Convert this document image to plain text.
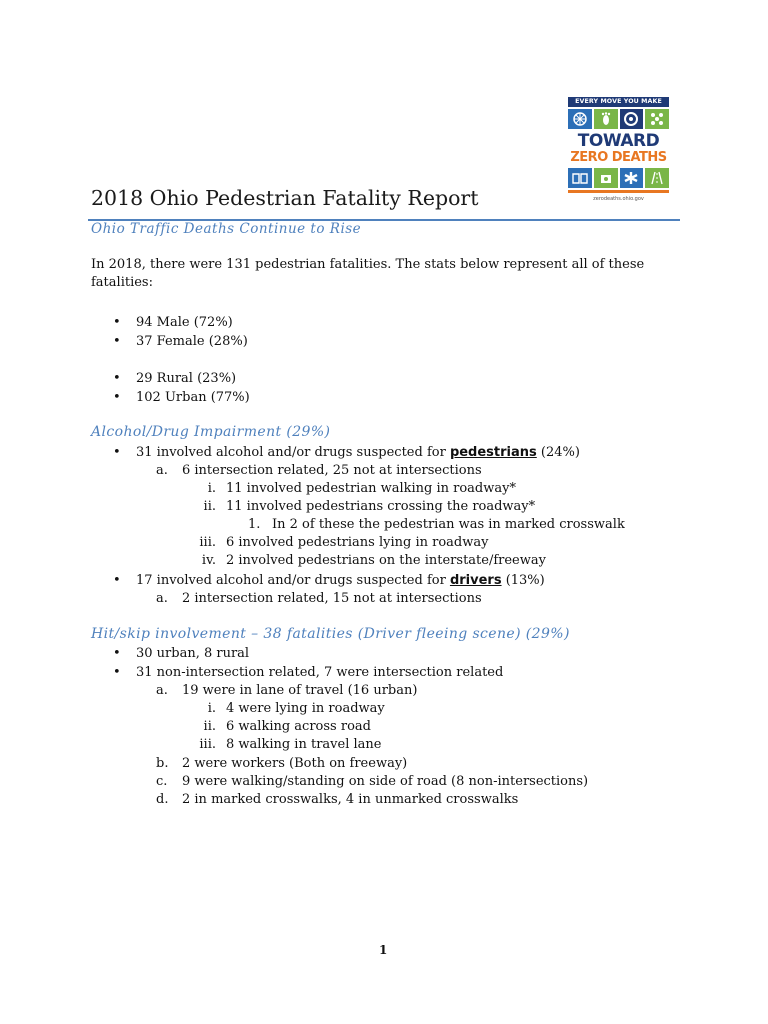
EVERY MOVE YOU MAKE
TOWARD
ZERO DEATHS
zerodeaths.ohio.gov
2018 Ohio Pedestrian Fatality Report
Ohio Traffic Deaths Continue to Rise
In 2018, there were 131 pedestrian fatalities. The stats below represent all of these fatalities:
• 94 Male (72%)
• 37 Female (28%)
• 29 Rural (23%)
• 102 Urban (77%)
Alcohol/Drug Impairment (29%)
• 31 involved alcohol and/or drugs suspected for pedestrians (24%)
a. 6 intersection related, 25 not at intersections
i. 11 involved pedestrian walking in roadway*
ii. 11 involved pedestrians crossing the roadway*
1. In 2 of these the pedestrian was in marked crosswalk
iii. 6 involved pedestrians lying in roadway
iv. 2 involved pedestrians on the interstate/freeway
• 17 involved alcohol and/or drugs suspected for drivers (13%)
a. 2 intersection related, 15 not at intersections
Hit/skip involvement – 38 fatalities (Driver fleeing scene) (29%)
• 30 urban, 8 rural
• 31 non-intersection related, 7 were intersection related
a. 19 were in lane of travel (16 urban)
i. 4 were lying in roadway
ii. 6 walking across road
iii. 8 walking in travel lane
b. 2 were workers (Both on freeway)
c. 9 were walking/standing on side of road (8 non-intersections)
d. 2 in marked crosswalks, 4 in unmarked crosswalks
1
